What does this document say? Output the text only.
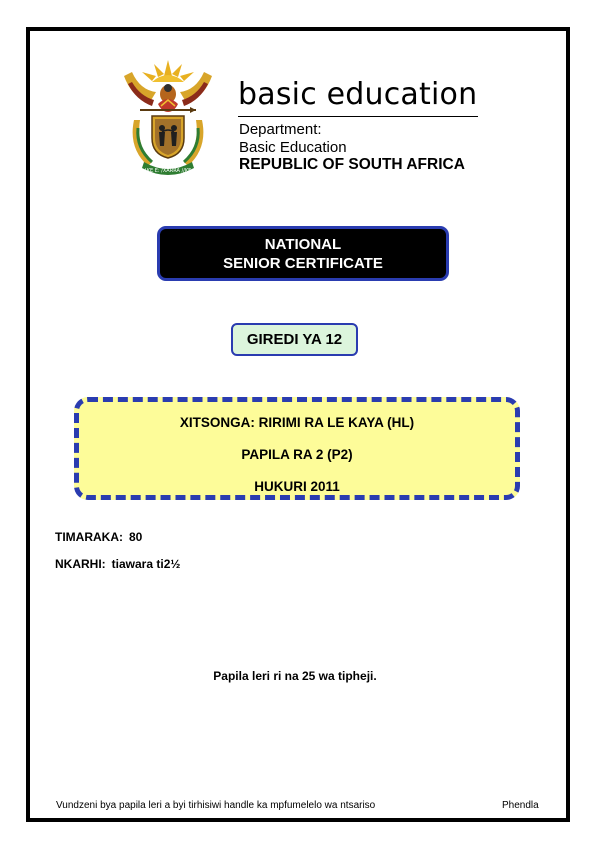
!KE E: /XARRA //KE
basic education
Department:
Basic Education
REPUBLIC OF SOUTH AFRICA
NATIONAL
SENIOR CERTIFICATE
GIREDI YA 12
XITSONGA: RIRIMI RA LE KAYA (HL)
PAPILA RA 2 (P2)
HUKURI 2011
TIMARAKA: 80
NKARHI: tiawara ti2½
Papila leri ri na 25 wa tipheji.
Vundzeni bya papila leri a byi tirhisiwi handle ka mpfumelelo wa ntsariso	Phendla
